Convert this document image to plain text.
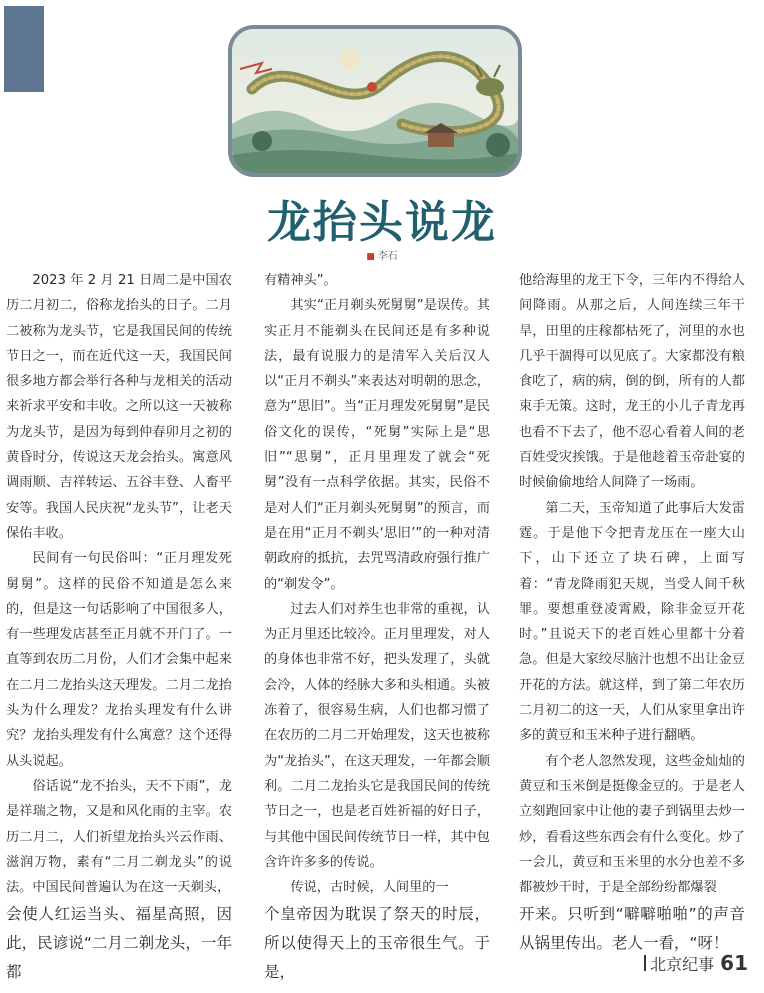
龙抬头说龙
■ 李石

2023 年 2 月 21 日周二是中国农历二月初二，俗称龙抬头的日子。二月二被称为龙头节，它是我国民间的传统节日之一，而在近代这一天，我国民间很多地方都会举行各种与龙相关的活动来祈求平安和丰收。之所以这一天被称为龙头节，是因为每到仲春卯月之初的黄昏时分，传说这天龙会抬头。寓意风调雨顺、吉祥转运、五谷丰登、人畜平安等。我国人民庆祝“龙头节”，让老天保佑丰收。

民间有一句民俗叫：“正月理发死舅舅”。这样的民俗不知道是怎么来的，但是这一句话影响了中国很多人，有一些理发店甚至正月就不开门了。一直等到农历二月份，人们才会集中起来在二月二龙抬头这天理发。二月二龙抬头为什么理发？龙抬头理发有什么讲究？龙抬头理发有什么寓意？这个还得从头说起。

俗话说“龙不抬头，天不下雨”，龙是祥瑞之物，又是和风化雨的主宰。农历二月二，人们祈望龙抬头兴云作雨、滋润万物，素有“二月二剃龙头”的说法。中国民间普遍认为在这一天剃头，

会使人红运当头、福星高照，因此，民谚说“二月二剃龙头，一年都

有精神头”。

其实“正月剃头死舅舅”是误传。其实正月不能剃头在民间还是有多种说法，最有说服力的是清军入关后汉人以“正月不剃头”来表达对明朝的思念，意为“思旧”。当“正月理发死舅舅”是民俗文化的误传，“死舅”实际上是“思旧”“思舅”，正月里理发了就会“死舅”没有一点科学依据。其实，民俗不是对人们“正月剃头死舅舅”的预言，而是在用“正月不剃头‘思旧’”的一种对清朝政府的抵抗，去咒骂清政府强行推广的“剃发令”。

过去人们对养生也非常的重视，认为正月里还比较冷。正月里理发，对人的身体也非常不好，把头发理了，头就会冷，人体的经脉大多和头相通。头被冻着了，很容易生病，人们也都习惯了在农历的二月二开始理发，这天也被称为“龙抬头”，在这天理发，一年都会顺利。二月二龙抬头它是我国民间的传统节日之一，也是老百姓祈福的好日子，与其他中国民间传统节日一样，其中包含许许多多的传说。

传说，古时候，人间里的一

个皇帝因为耽误了祭天的时辰，所以使得天上的玉帝很生气。于是，

他给海里的龙王下令，三年内不得给人间降雨。从那之后，人间连续三年干旱，田里的庄稼都枯死了，河里的水也几乎干涸得可以见底了。大家都没有粮食吃了，病的病，倒的倒，所有的人都束手无策。这时，龙王的小儿子青龙再也看不下去了，他不忍心看着人间的老百姓受灾挨饿。于是他趁着玉帝赴宴的时候偷偷地给人间降了一场雨。

第二天，玉帝知道了此事后大发雷霆。于是他下令把青龙压在一座大山下，山下还立了块石碑，上面写着：“青龙降雨犯天规，当受人间千秋罪。要想重登凌霄殿，除非金豆开花时。”且说天下的老百姓心里都十分着急。但是大家绞尽脑汁也想不出让金豆开花的方法。就这样，到了第二年农历二月初二的这一天，人们从家里拿出许多的黄豆和玉米种子进行翻晒。

有个老人忽然发现，这些金灿灿的黄豆和玉米倒是挺像金豆的。于是老人立刻跑回家中让他的妻子到锅里去炒一炒，看看这些东西会有什么变化。炒了一会儿，黄豆和玉米里的水分也差不多都被炒干时，于是全部纷纷都爆裂

开来。只听到“噼噼啪啪”的声音从锅里传出。老人一看，“呀！

北京纪事 61
